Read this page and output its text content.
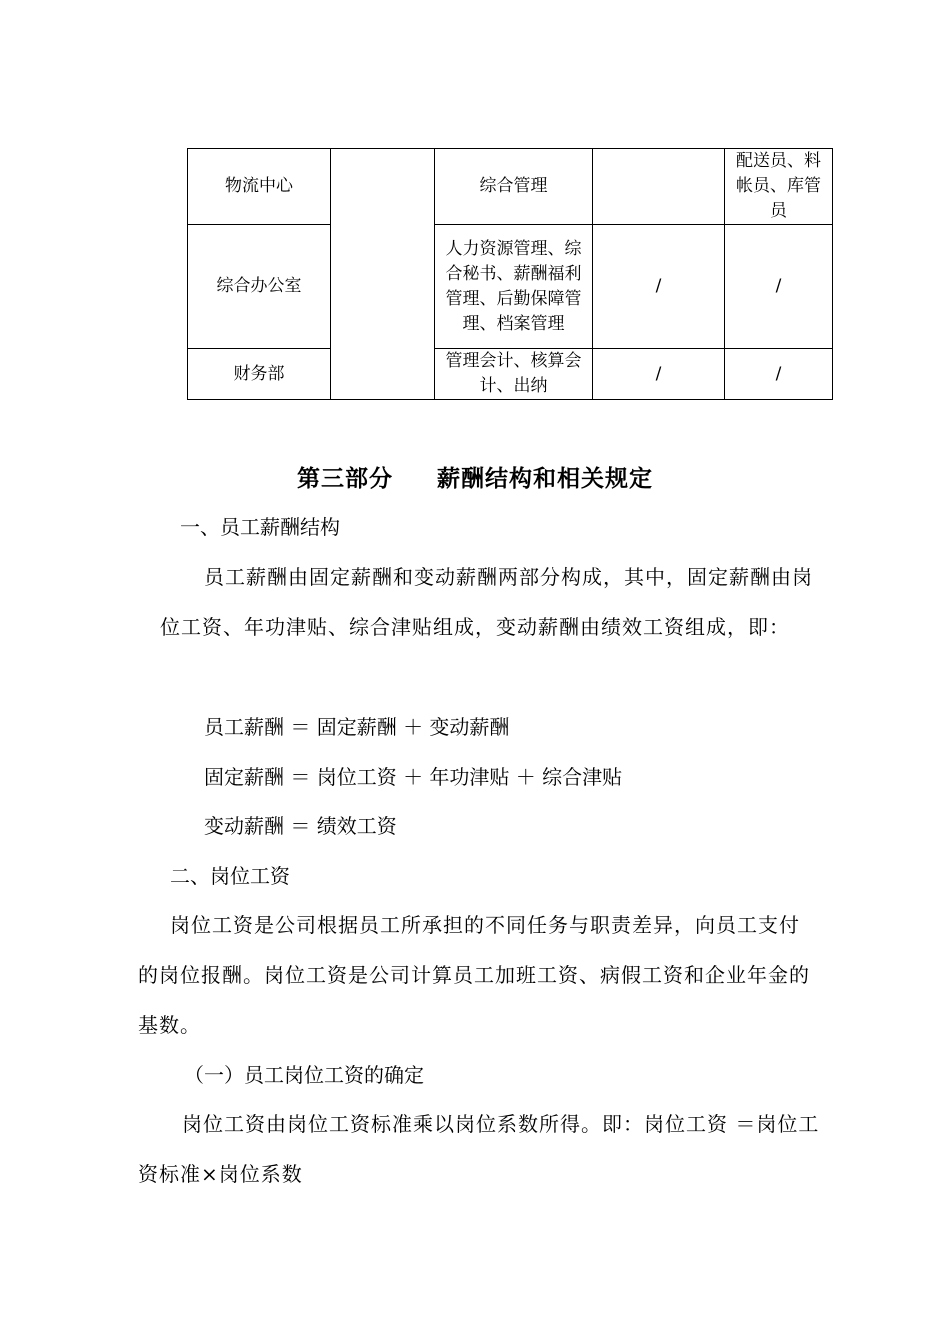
物流中心		综合管理		配送员、料帐员、库管员
综合办公室		人力资源管理、综合秘书、薪酬福利管理、后勤保障管理、档案管理	/	/
财务部		管理会计、核算会计、出纳	/	/
第三部分 薪酬结构和相关规定
一、员工薪酬结构
员工薪酬由固定薪酬和变动薪酬两部分构成，其中，固定薪酬由岗位工资、年功津贴、综合津贴组成，变动薪酬由绩效工资组成，即：
员工薪酬 ＝ 固定薪酬 ＋ 变动薪酬
固定薪酬 ＝ 岗位工资 ＋ 年功津贴 ＋ 综合津贴
变动薪酬 ＝ 绩效工资
二、岗位工资
岗位工资是公司根据员工所承担的不同任务与职责差异，向员工支付的岗位报酬。岗位工资是公司计算员工加班工资、病假工资和企业年金的基数。
（一）员工岗位工资的确定
岗位工资由岗位工资标准乘以岗位系数所得。即：岗位工资 ＝岗位工资标准×岗位系数
